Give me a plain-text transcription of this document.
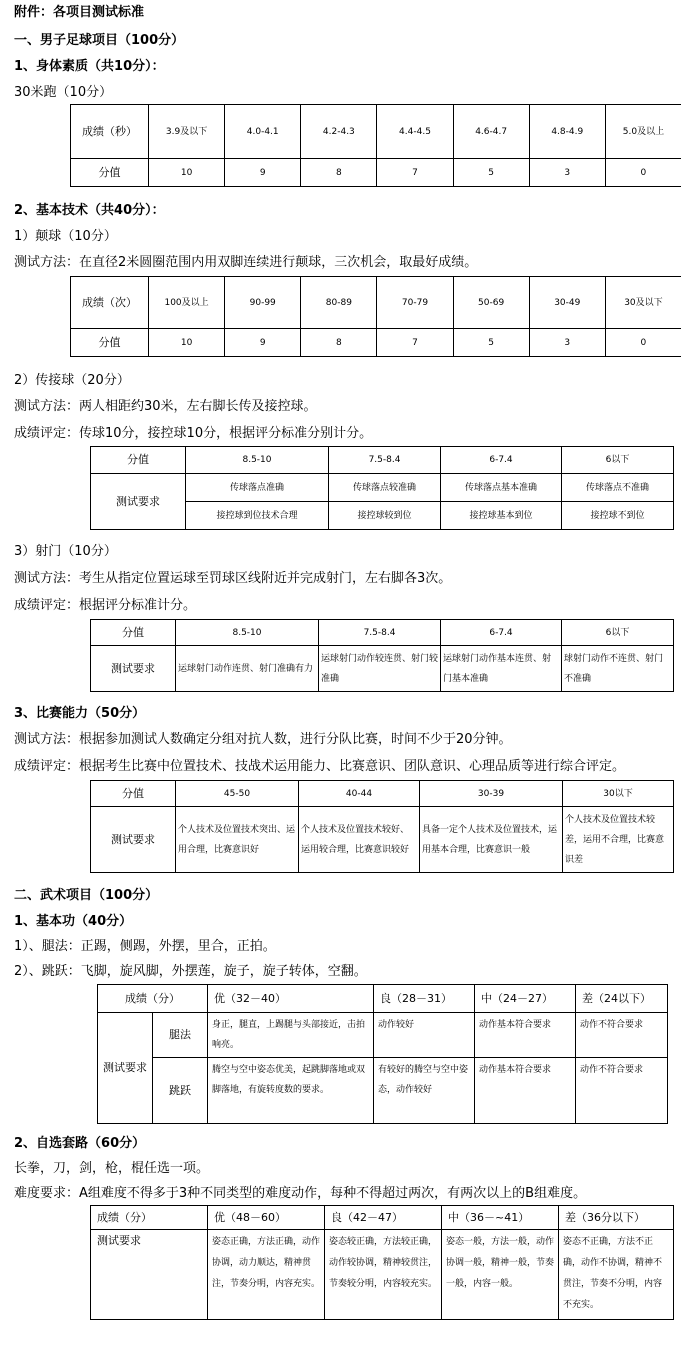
附件：各项目测试标准
一、男子足球项目（100分）
1、身体素质（共10分）：
30米跑（10分）
成绩（秒）	3.9及以下	4.0-4.1	4.2-4.3	4.4-4.5	4.6-4.7	4.8-4.9	5.0及以上
分值	10	9	8	7	5	3	0
2、基本技术（共40分）：
1）颠球（10分）
测试方法：在直径2米圆圈范围内用双脚连续进行颠球，三次机会，取最好成绩。
成绩（次）	100及以上	90-99	80-89	70-79	50-69	30-49	30及以下
分值	10	9	8	7	5	3	0
2）传接球（20分）
测试方法：两人相距约30米，左右脚长传及接控球。
成绩评定：传球10分，接控球10分，根据评分标准分别计分。
分值	8.5-10	7.5-8.4	6-7.4	6以下
测试要求	传球落点准确	传球落点较准确	传球落点基本准确	传球落点不准确
	接控球到位技术合理	接控球较到位	接控球基本到位	接控球不到位
3）射门（10分）
测试方法：考生从指定位置运球至罚球区线附近并完成射门，左右脚各3次。
成绩评定：根据评分标准计分。
分值	8.5-10	7.5-8.4	6-7.4	6以下
测试要求	运球射门动作连贯、射门准确有力	运球射门动作较连贯、射门较准确	运球射门动作基本连贯、射门基本准确	球射门动作不连贯、射门不准确
3、比赛能力（50分）
测试方法：根据参加测试人数确定分组对抗人数，进行分队比赛，时间不少于20分钟。
成绩评定：根据考生比赛中位置技术、技战术运用能力、比赛意识、团队意识、心理品质等进行综合评定。
分值	45-50	40-44	30-39	30以下
测试要求	个人技术及位置技术突出、运用合理，比赛意识好	个人技术及位置技术较好、运用较合理，比赛意识较好	具备一定个人技术及位置技术，运用基本合理，比赛意识一般	个人技术及位置技术较差，运用不合理，比赛意识差
二、武术项目（100分）
1、基本功（40分）
1）、腿法：正踢，侧踢，外摆，里合，正拍。
2）、跳跃：飞脚，旋风脚，外摆莲，旋子，旋子转体，空翻。
成绩（分）		优（32－40）	良（28－31）	中（24－27）	差（24以下）
测试要求	腿法	身正，腿直，上踢腿与头部接近，击拍响亮。	动作较好	动作基本符合要求	动作不符合要求
	跳跃	腾空与空中姿态优美，起跳脚落地或双脚落地，有旋转度数的要求。	有较好的腾空与空中姿态，动作较好	动作基本符合要求	动作不符合要求
2、自选套路（60分）
长拳，刀，剑，枪，棍任选一项。
难度要求：A组难度不得多于3种不同类型的难度动作，每种不得超过两次，有两次以上的B组难度。
成绩（分）	优（48－60）	良（42－47）	中（36－~41）	差（36分以下）
测试要求	姿态正确，方法正确，动作协调，动力顺达，精神贯注，节奏分明，内容充实。	姿态较正确，方法较正确，动作较协调，精神较贯注，节奏较分明，内容较充实。	姿态一般，方法一般，动作协调一般，精神一般，节奏一般，内容一般。	姿态不正确，方法不正确，动作不协调，精神不贯注，节奏不分明，内容不充实。
